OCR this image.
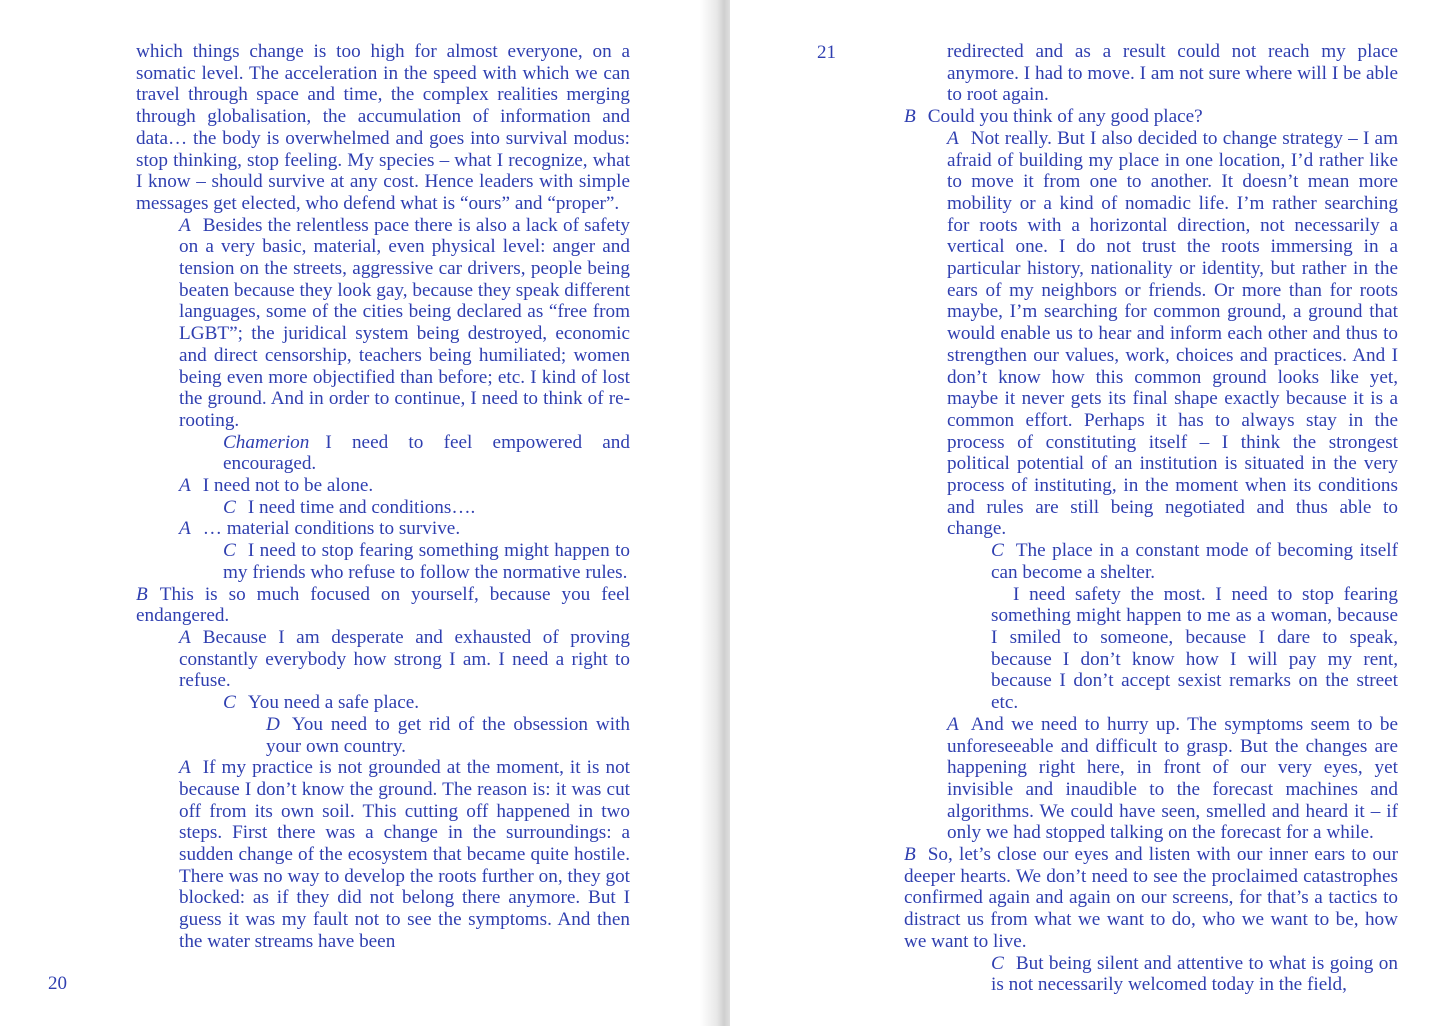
which things change is too high for almost everyone, on a somatic level. The acceleration in the speed with which we can travel through space and time, the complex realities merging through globalisation, the accumulation of information and data… the body is overwhelmed and goes into survival modus: stop thinking, stop feeling. My species – what I recognize, what I know – should survive at any cost. Hence leaders with simple messages get elected, who defend what is “ours” and “proper”.

A Besides the relentless pace there is also a lack of safety on a very basic, material, even physical level: anger and tension on the streets, aggressive car drivers, people being beaten because they look gay, because they speak different languages, some of the cities being declared as “free from LGBT”; the juridical system being destroyed, economic and direct censorship, teachers being humiliated; women being even more objectified than before; etc. I kind of lost the ground. And in order to continue, I need to think of re-rooting.

Chamerion I need to feel empowered and encouraged.

A I need not to be alone.

C I need time and conditions….

A … material conditions to survive.

C I need to stop fearing something might happen to my friends who refuse to follow the normative rules.

B This is so much focused on yourself, because you feel endangered.

A Because I am desperate and exhausted of proving constantly everybody how strong I am. I need a right to refuse.

C You need a safe place.

D You need to get rid of the obsession with your own country.

A If my practice is not grounded at the moment, it is not because I don’t know the ground. The reason is: it was cut off from its own soil. This cutting off happened in two steps. First there was a change in the surroundings: a sudden change of the ecosystem that became quite hostile. There was no way to develop the roots further on, they got blocked: as if they did not belong there anymore. But I guess it was my fault not to see the symptoms. And then the water streams have been

20
21	redirected and as a result could not reach my place anymore. I had to move. I am not sure where will I be able to root again.

B Could you think of any good place?

A Not really. But I also decided to change strategy – I am afraid of building my place in one location, I’d rather like to move it from one to another. It doesn’t mean more mobility or a kind of nomadic life. I’m rather searching for roots with a horizontal direction, not necessarily a vertical one. I do not trust the roots immersing in a particular history, nationality or identity, but rather in the ears of my neighbors or friends. Or more than for roots maybe, I’m searching for common ground, a ground that would enable us to hear and inform each other and thus to strengthen our values, work, choices and practices. And I don’t know how this common ground looks like yet, maybe it never gets its final shape exactly because it is a common effort. Perhaps it has to always stay in the process of constituting itself – I think the strongest political potential of an institution is situated in the very process of instituting, in the moment when its conditions and rules are still being negotiated and thus able to change.

C The place in a constant mode of becoming itself can become a shelter.

I need safety the most. I need to stop fearing something might happen to me as a woman, because I smiled to someone, because I dare to speak, because I don’t know how I will pay my rent, because I don’t accept sexist remarks on the street etc.

A And we need to hurry up. The symptoms seem to be unforeseeable and difficult to grasp. But the changes are happening right here, in front of our very eyes, yet invisible and inaudible to the forecast machines and algorithms. We could have seen, smelled and heard it – if only we had stopped talking on the forecast for a while.

B So, let’s close our eyes and listen with our inner ears to our deeper hearts. We don’t need to see the proclaimed catastrophes confirmed again and again on our screens, for that’s a tactics to distract us from what we want to do, who we want to be, how we want to live.

C But being silent and attentive to what is going on is not necessarily welcomed today in the field,
